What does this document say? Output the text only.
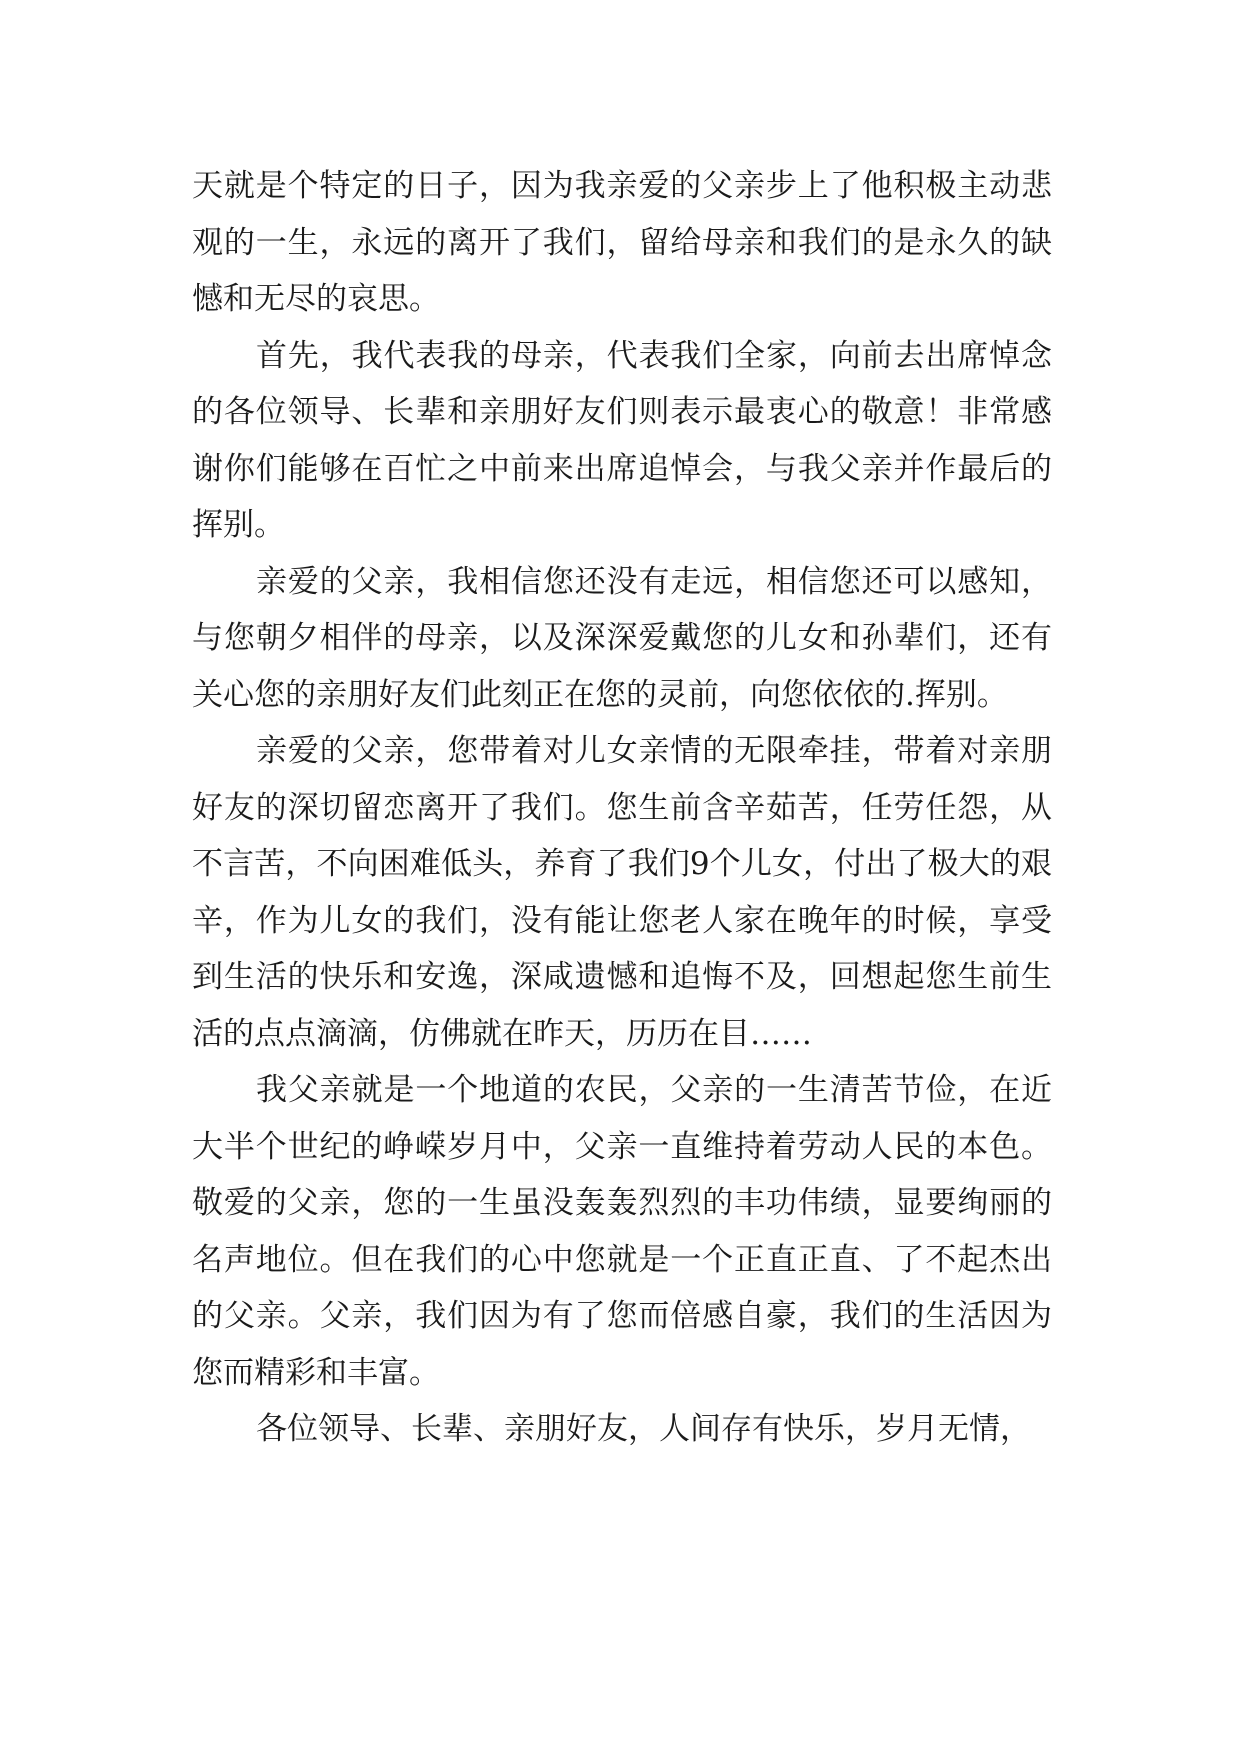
天就是个特定的日子，因为我亲爱的父亲步上了他积极主动悲观的一生，永远的离开了我们，留给母亲和我们的是永久的缺憾和无尽的哀思。

首先，我代表我的母亲，代表我们全家，向前去出席悼念的各位领导、长辈和亲朋好友们则表示最衷心的敬意！非常感谢你们能够在百忙之中前来出席追悼会，与我父亲并作最后的挥别。

亲爱的父亲，我相信您还没有走远，相信您还可以感知，与您朝夕相伴的母亲，以及深深爱戴您的儿女和孙辈们，还有关心您的亲朋好友们此刻正在您的灵前，向您依依的.挥别。

亲爱的父亲，您带着对儿女亲情的无限牵挂，带着对亲朋好友的深切留恋离开了我们。您生前含辛茹苦，任劳任怨，从不言苦，不向困难低头，养育了我们9个儿女，付出了极大的艰辛，作为儿女的我们，没有能让您老人家在晚年的时候，享受到生活的快乐和安逸，深咸遗憾和追悔不及，回想起您生前生活的点点滴滴，仿佛就在昨天，历历在目……

我父亲就是一个地道的农民，父亲的一生清苦节俭，在近大半个世纪的峥嵘岁月中，父亲一直维持着劳动人民的本色。敬爱的父亲，您的一生虽没轰轰烈烈的丰功伟绩，显要绚丽的名声地位。但在我们的心中您就是一个正直正直、了不起杰出的父亲。父亲，我们因为有了您而倍感自豪，我们的生活因为您而精彩和丰富。

各位领导、长辈、亲朋好友，人间存有快乐，岁月无情，
